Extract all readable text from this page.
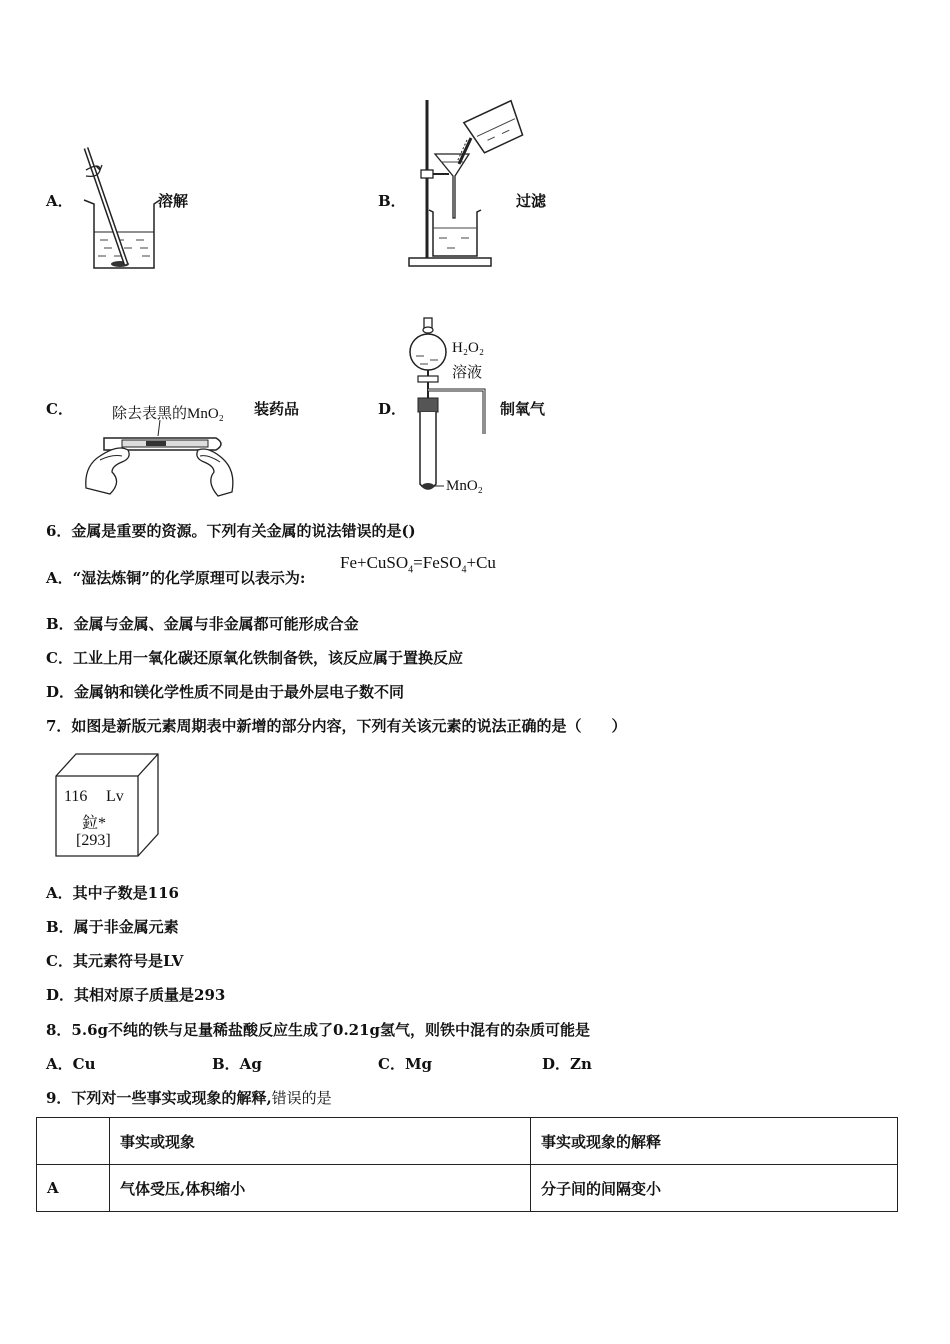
A．	溶解	B．	过滤
C．	除去表黑的MnO₂ 装药品	D．
H₂O₂
溶液
MnO₂
制氧气
6．金属是重要的资源。下列有关金属的说法错误的是()
A．“湿法炼铜”的化学原理可以表示为:
Fe+CuSO$_4$=FeSO$_4$+Cu
B．金属与金属、金属与非金属都可能形成合金
C．工业上用一氧化碳还原氧化铁制备铁，该反应属于置换反应
D．金属钠和镁化学性质不同是由于最外层电子数不同
7．如图是新版元素周期表中新增的部分内容，下列有关该元素的说法正确的是（　　）
116 Lv
鉝*
[293]
A．其中子数是116
B．属于非金属元素
C．其元素符号是LV
D．其相对原子质量是293
8．5.6g不纯的铁与足量稀盐酸反应生成了0.21g氢气，则铁中混有的杂质可能是
A．Cu	B．Ag	C．Mg	D．Zn
9．下列对一些事实或现象的解释,错误的是
	事实或现象	事实或现象的解释
A	气体受压,体积缩小	分子间的间隔变小
